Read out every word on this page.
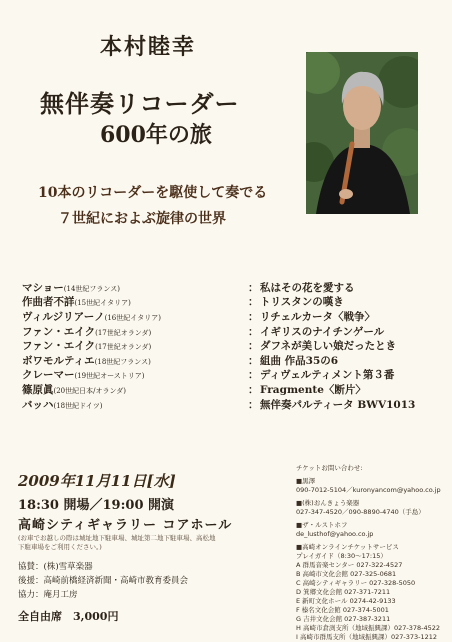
本村睦幸
無伴奏リコーダー
600年の旅
10本のリコーダーを駆使して奏でる
７世紀におよぶ旋律の世界
マショー(14世紀フランス)	： 私はその花を愛する
作曲者不詳(15世紀イタリア)	： トリスタンの嘆き
ヴィルジリアーノ(16世紀イタリア)	： リチェルカータ〈戦争〉
ファン・エイク(17世紀オランダ)	： イギリスのナイチンゲール
ファン・エイク(17世紀オランダ)	： ダフネが美しい娘だったとき
ボワモルティエ(18世紀フランス)	： 組曲 作品35の6
クレーマー(19世紀オーストリア)	： ディヴェルティメント第３番
篠原眞(20世紀日本/オランダ)	： Fragmente〈断片〉
バッハ(18世紀ドイツ)	： 無伴奏パルティータ BWV1013
2009年11月11日[水]
18:30 開場／19:00 開演
高崎シティギャラリー コアホール
(お車でお越しの際は城址地下駐車場、城址第二地下駐車場、高松地下駐車場をご利用ください。)
協賛：(株)雪草楽器
後援：高崎前橋経済新聞・高崎市教育委員会
協力：庵月工房
全自由席　3,000円
チケットお問い合わせ:
■黒澤
090-7012-5104／kuronyancom@yahoo.co.jp
■(株)おんきょう楽器
027-347-4520／090-8890-4740（手島）
■ザ・ルストホフ
de_lusthof@yahoo.co.jp
■高崎オンラインチケットサービス
プレイガイド（8:30〜17:15）
A 群馬音楽センター 027-322-4527
B 高崎市文化会館 027-325-0681
C 高崎シティギャラリー 027-328-5050
D 箕郷文化会館 027-371-7211
E 新町文化ホール 0274-42-9133
F 榛名文化会館 027-374-5001
G 吉井文化会館 027-387-3211
H 高崎市倉渕支所（地域振興課）027-378-4522
I 高崎市群馬支所（地域振興課）027-373-1212
